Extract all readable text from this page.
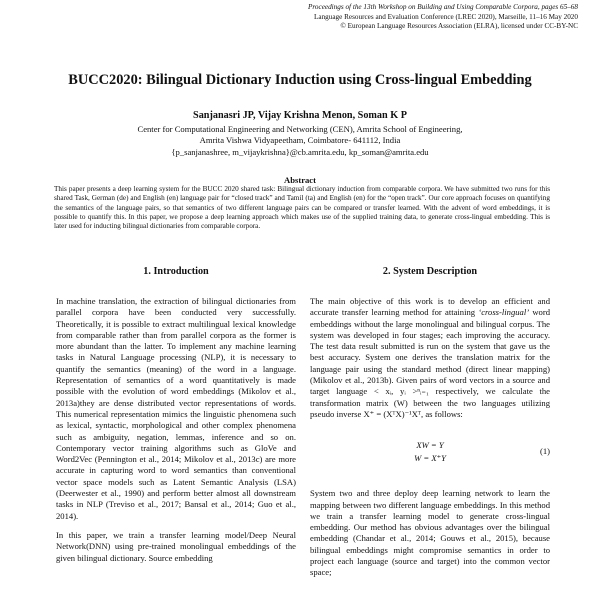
Proceedings of the 13th Workshop on Building and Using Comparable Corpora, pages 65–68
Language Resources and Evaluation Conference (LREC 2020), Marseille, 11–16 May 2020
© European Language Resources Association (ELRA), licensed under CC-BY-NC
BUCC2020: Bilingual Dictionary Induction using Cross-lingual Embedding
Sanjanasri JP, Vijay Krishna Menon, Soman K P
Center for Computational Engineering and Networking (CEN), Amrita School of Engineering,
Amrita Vishwa Vidyapeetham, Coimbatore- 641112, India
{p_sanjanashree, m_vijaykrishna}@cb.amrita.edu, kp_soman@amrita.edu
Abstract
This paper presents a deep learning system for the BUCC 2020 shared task: Bilingual dictionary induction from comparable corpora. We have submitted two runs for this shared Task, German (de) and English (en) language pair for “closed track” and Tamil (ta) and English (en) for the “open track”. Our core approach focuses on quantifying the semantics of the language pairs, so that semantics of two different language pairs can be compared or transfer learned. With the advent of word embeddings, it is possible to quantify this. In this paper, we propose a deep learning approach which makes use of the supplied training data, to generate cross-lingual embedding. This is later used for inducting bilingual dictionaries from comparable corpora.
1. Introduction

In machine translation, the extraction of bilingual dictionaries from parallel corpora have been conducted very successfully. Theoretically, it is possible to extract multilingual lexical knowledge from comparable rather than from parallel corpora as the former is more abundant than the latter. To implement any machine learning tasks in Natural Language processing (NLP), it is necessary to quantify the semantics (meaning) of the word in a language. Representation of semantics of a word quantitatively is made possible with the evolution of word embeddings (Mikolov et al., 2013a)they are dense distributed vector representations of words. This numerical representation mimics the linguistic phenomena such as lexical, syntactic, morphological and other complex phenomena such as ambiguity, negation, lemmas, inference and so on. Contemporary vector training algorithms such as GloVe and Word2Vec (Pennington et al., 2014; Mikolov et al., 2013c) are more accurate in capturing word to word semantics than conventional vector space models such as Latent Semantic Analysis (LSA) (Deerwester et al., 1990) and perform better almost all downstream tasks in NLP (Treviso et al., 2017; Bansal et al., 2014; Guo et al., 2014).

In this paper, we train a transfer learning model/Deep Neural Network(DNN) using pre-trained monolingual embeddings of the given bilingual dictionary. Source embedding

2. System Description

The main objective of this work is to develop an efficient and accurate transfer learning method for attaining ‘cross-lingual’ word embeddings without the large monolingual and bilingual corpus. The system was developed in four stages; each improving the accuracy. The test data result submitted is run on the system that gave us the best accuracy. System one derives the translation matrix for the language pair using the standard method (direct linear mapping) (Mikolov et al., 2013b). Given pairs of word vectors in a source and target language < xᵢ, yᵢ >ⁿᵢ₌₁ respectively, we calculate the transformation matrix (W) between the two languages utilizing pseudo inverse X⁺ = (XᵀX)⁻¹Xᵀ, as follows:

XW = Y
W = X⁺Y
(1)

System two and three deploy deep learning network to learn the mapping between two different language embeddings. In this method we train a transfer learning model to generate cross-lingual embedding. Our method has obvious advantages over the bilingual embedding (Chandar et al., 2014; Gouws et al., 2015), because bilingual embeddings might compromise semantics in order to project each language (source and target) into the common vector space;
